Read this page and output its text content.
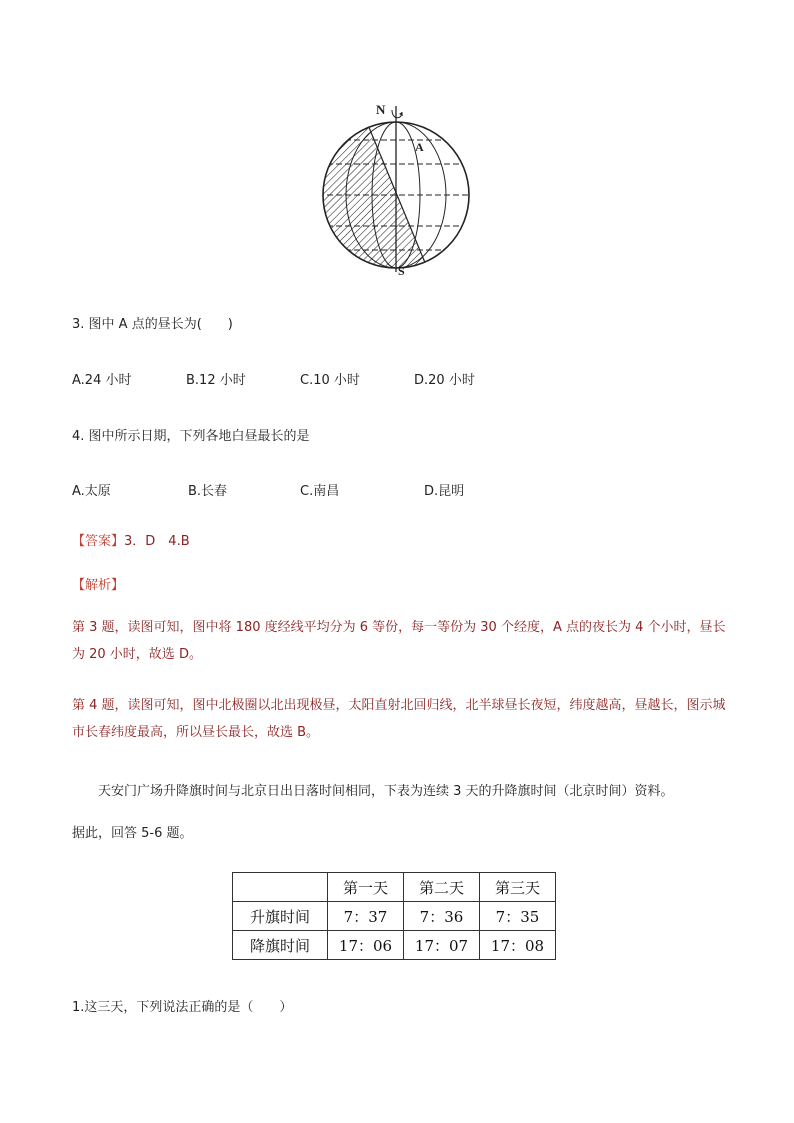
N
S
A
3. 图中 A 点的昼长为(　　)
A.24 小时	B.12 小时	C.10 小时	D.20 小时
4. 图中所示日期，下列各地白昼最长的是
A.太原	B.长春	C.南昌	D.昆明
【答案】3．D　4.B
【解析】
第 3 题，读图可知，图中将 180 度经线平均分为 6 等份，每一等份为 30 个经度，A 点的夜长为 4 个小时，昼长为 20 小时，故选 D。
第 4 题，读图可知，图中北极圈以北出现极昼，太阳直射北回归线，北半球昼长夜短，纬度越高，昼越长，图示城市长春纬度最高，所以昼长最长，故选 B。
天安门广场升降旗时间与北京日出日落时间相同，下表为连续 3 天的升降旗时间（北京时间）资料。
据此，回答 5-6 题。
	第一天	第二天	第三天
升旗时间	7：37	7：36	7：35
降旗时间	17：06	17：07	17：08
1.这三天，下列说法正确的是（　　）
